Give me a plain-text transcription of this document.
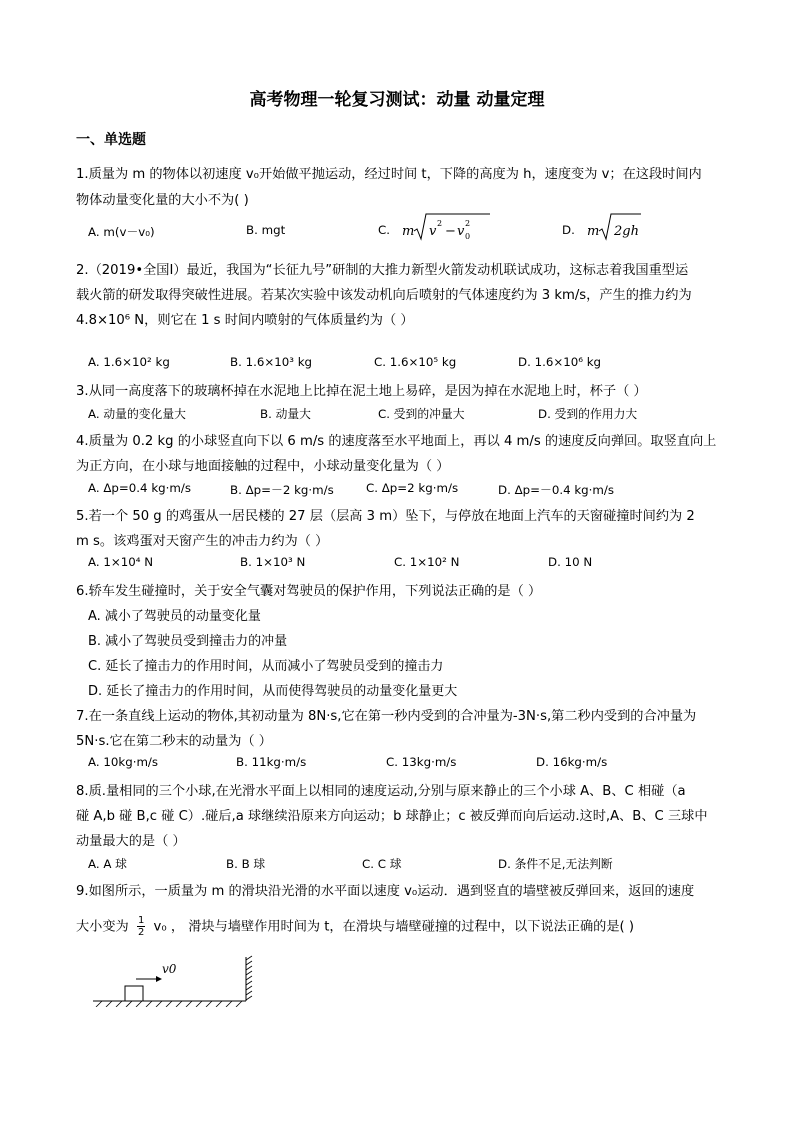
高考物理一轮复习测试：动量 动量定理
一、单选题
1.质量为 m 的物体以初速度 v₀开始做平抛运动，经过时间 t，下降的高度为 h，速度变为 v；在这段时间内
物体动量变化量的大小不为( )
A. m(v－v₀)	B. mgt	C. m v
2
− v
2
0	D. m 2gh
2.（2019•全国Ⅰ）最近，我国为“长征九号”研制的大推力新型火箭发动机联试成功，这标志着我国重型运
载火箭的研发取得突破性进展。若某次实验中该发动机向后喷射的气体速度约为 3 km/s，产生的推力约为
4.8×10⁶ N，则它在 1 s 时间内喷射的气体质量约为（ ）
A. 1.6×10² kg	B. 1.6×10³ kg	C. 1.6×10⁵ kg	D. 1.6×10⁶ kg
3.从同一高度落下的玻璃杯掉在水泥地上比掉在泥土地上易碎，是因为掉在水泥地上时，杯子（ ）
A. 动量的变化量大	B. 动量大	C. 受到的冲量大	D. 受到的作用力大
4.质量为 0.2 kg 的小球竖直向下以 6 m/s 的速度落至水平地面上，再以 4 m/s 的速度反向弹回。取竖直向上
为正方向，在小球与地面接触的过程中，小球动量变化量为（ ）
A. Δp=0.4 kg·m/s	B. Δp=－2 kg·m/s	C. Δp=2 kg·m/s	D. Δp=－0.4 kg·m/s
5.若一个 50 g 的鸡蛋从一居民楼的 27 层（层高 3 m）坠下，与停放在地面上汽车的天窗碰撞时间约为 2
m s。该鸡蛋对天窗产生的冲击力约为（ ）
A. 1×10⁴ N	B. 1×10³ N	C. 1×10² N	D. 10 N
6.轿车发生碰撞时，关于安全气囊对驾驶员的保护作用，下列说法正确的是（ ）
A. 减小了驾驶员的动量变化量
B. 减小了驾驶员受到撞击力的冲量
C. 延长了撞击力的作用时间，从而减小了驾驶员受到的撞击力
D. 延长了撞击力的作用时间，从而使得驾驶员的动量变化量更大
7.在一条直线上运动的物体,其初动量为 8N·s,它在第一秒内受到的合冲量为-3N·s,第二秒内受到的合冲量为
5N·s.它在第二秒末的动量为（ ）
A. 10kg·m/s	B. 11kg·m/s	C. 13kg·m/s	D. 16kg·m/s
8.质.量相同的三个小球,在光滑水平面上以相同的速度运动,分别与原来静止的三个小球 A、B、C 相碰（a
碰 A,b 碰 B,c 碰 C）.碰后,a 球继续沿原来方向运动；b 球静止；c 被反弹而向后运动.这时,A、B、C 三球中
动量最大的是（ ）
A. A 球	B. B 球	C. C 球	D. 条件不足,无法判断
9.如图所示，一质量为 m 的滑块沿光滑的水平面以速度 v₀运动．遇到竖直的墙壁被反弹回来，返回的速度
大小变为 $\frac{1}{2} v_0$ ， 滑块与墙壁作用时间为 t，在滑块与墙壁碰撞的过程中，以下说法正确的是( )
v0
